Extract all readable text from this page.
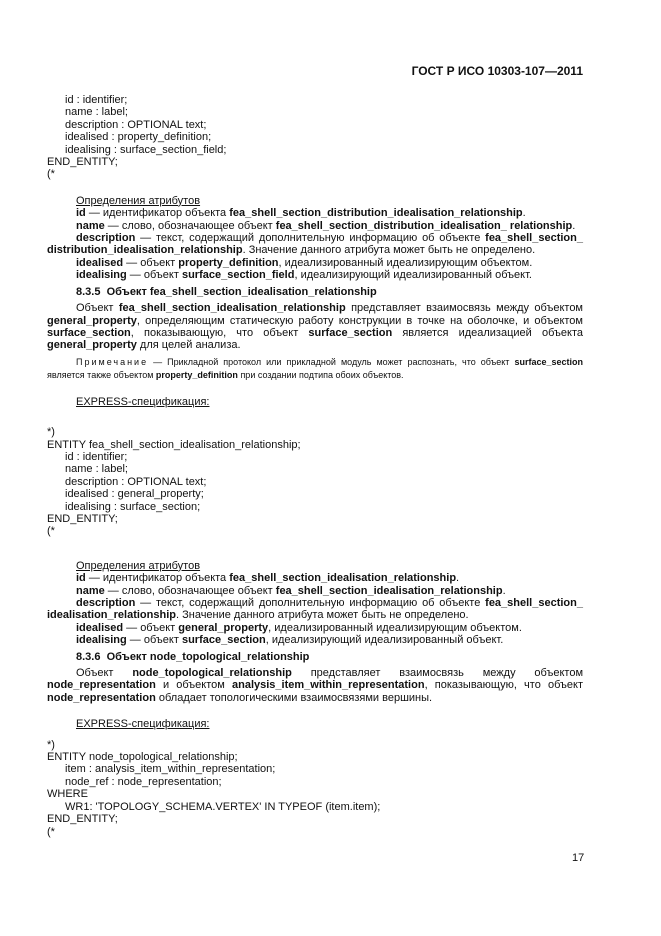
ГОСТ Р ИСО 10303-107—2011
id : identifier;
name : label;
description : OPTIONAL text;
idealised : property_definition;
idealising : surface_section_field;
END_ENTITY;
(*
Определения атрибутов
id — идентификатор объекта fea_shell_section_distribution_idealisation_relationship.
name — слово, обозначающее объект fea_shell_section_distribution_idealisation_ relationship.
description — текст, содержащий дополнительную информацию об объекте fea_shell_section_ distribution_idealisation_relationship. Значение данного атрибута может быть не определено.
idealised — объект property_definition, идеализированный идеализирующим объектом.
idealising — объект surface_section_field, идеализирующий идеализированный объект.
8.3.5 Объект fea_shell_section_idealisation_relationship
Объект fea_shell_section_idealisation_relationship представляет взаимосвязь между объектом general_property, определяющим статическую работу конструкции в точке на оболочке, и объектом surface_section, показывающую, что объект surface_section является идеализацией объекта general_property для целей анализа.
Примечание — Прикладной протокол или прикладной модуль может распознать, что объект surface_section является также объектом property_definition при создании подтипа обоих объектов.
EXPRESS-спецификация:
*)
ENTITY fea_shell_section_idealisation_relationship;
id : identifier;
name : label;
description : OPTIONAL text;
idealised : general_property;
idealising : surface_section;
END_ENTITY;
(*
Определения атрибутов
id — идентификатор объекта fea_shell_section_idealisation_relationship.
name — слово, обозначающее объект fea_shell_section_idealisation_relationship.
description — текст, содержащий дополнительную информацию об объекте fea_shell_section_ idealisation_relationship. Значение данного атрибута может быть не определено.
idealised — объект general_property, идеализированный идеализирующим объектом.
idealising — объект surface_section, идеализирующий идеализированный объект.
8.3.6 Объект node_topological_relationship
Объект node_topological_relationship представляет взаимосвязь между объектом node_representation и объектом analysis_item_within_representation, показывающую, что объект node_representation обладает топологическими взаимосвязями вершины.
EXPRESS-спецификация:
*)
ENTITY node_topological_relationship;
item : analysis_item_within_representation;
node_ref : node_representation;
WHERE
WR1: 'TOPOLOGY_SCHEMA.VERTEX' IN TYPEOF (item.item);
END_ENTITY;
(*
17
